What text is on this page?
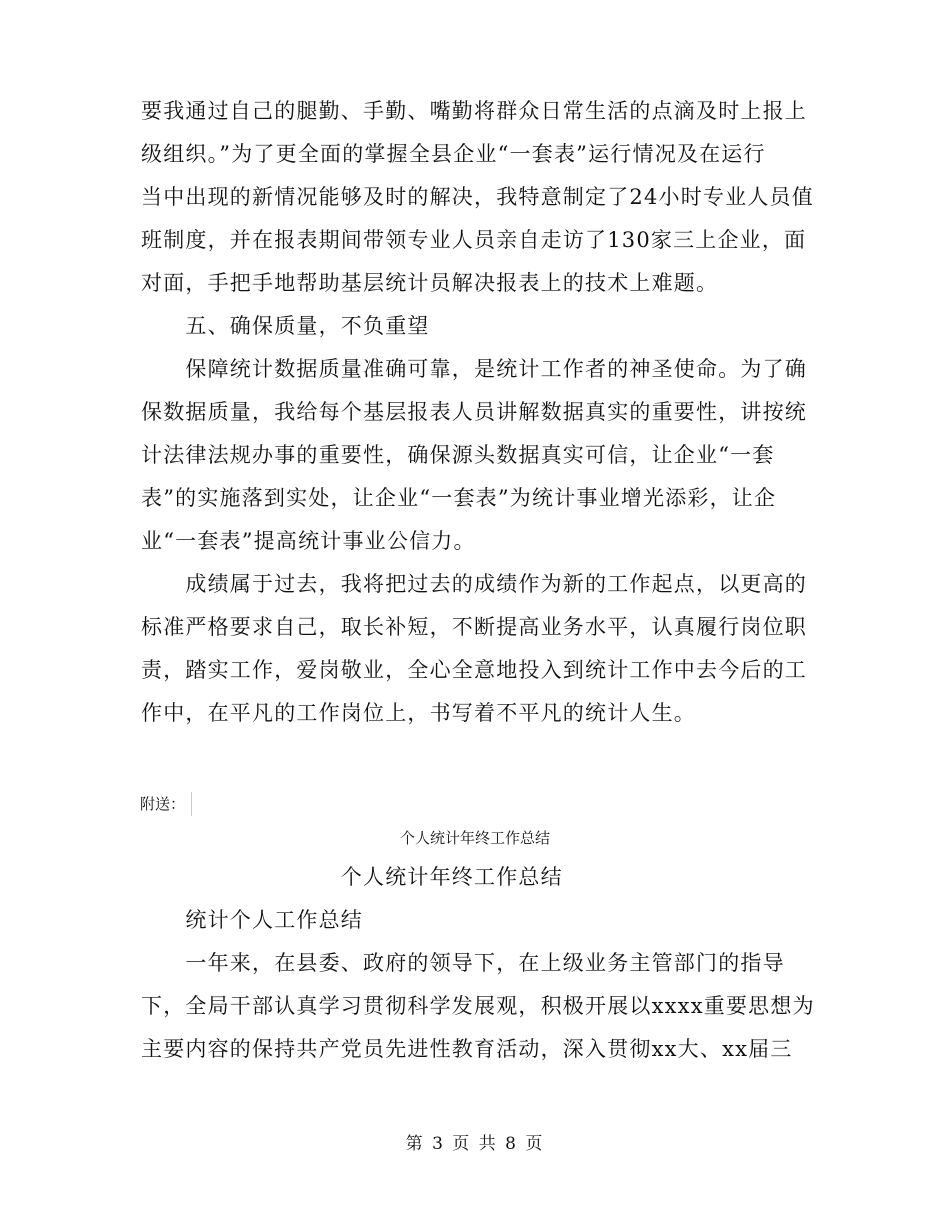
要我通过自己的腿勤、手勤、嘴勤将群众日常生活的点滴及时上报上
级组织。”为了更全面的掌握全县企业“一套表”运行情况及在运行
当中出现的新情况能够及时的解决，我特意制定了24小时专业人员值
班制度，并在报表期间带领专业人员亲自走访了130家三上企业，面
对面，手把手地帮助基层统计员解决报表上的技术上难题。
　　五、确保质量，不负重望
　　保障统计数据质量准确可靠，是统计工作者的神圣使命。为了确
保数据质量，我给每个基层报表人员讲解数据真实的重要性，讲按统
计法律法规办事的重要性，确保源头数据真实可信，让企业“一套
表”的实施落到实处，让企业“一套表”为统计事业增光添彩，让企
业“一套表”提高统计事业公信力。
　　成绩属于过去，我将把过去的成绩作为新的工作起点，以更高的
标准严格要求自己，取长补短，不断提高业务水平，认真履行岗位职
责，踏实工作，爱岗敬业，全心全意地投入到统计工作中去今后的工
作中，在平凡的工作岗位上，书写着不平凡的统计人生。
附送：
个人统计年终工作总结
　　　　　　　　　个人统计年终工作总结
　　统计个人工作总结
　　一年来，在县委、政府的领导下，在上级业务主管部门的指导
下，全局干部认真学习贯彻科学发展观，积极开展以xxxx重要思想为
主要内容的保持共产党员先进性教育活动，深入贯彻xx大、xx届三
第 3 页 共 8 页
